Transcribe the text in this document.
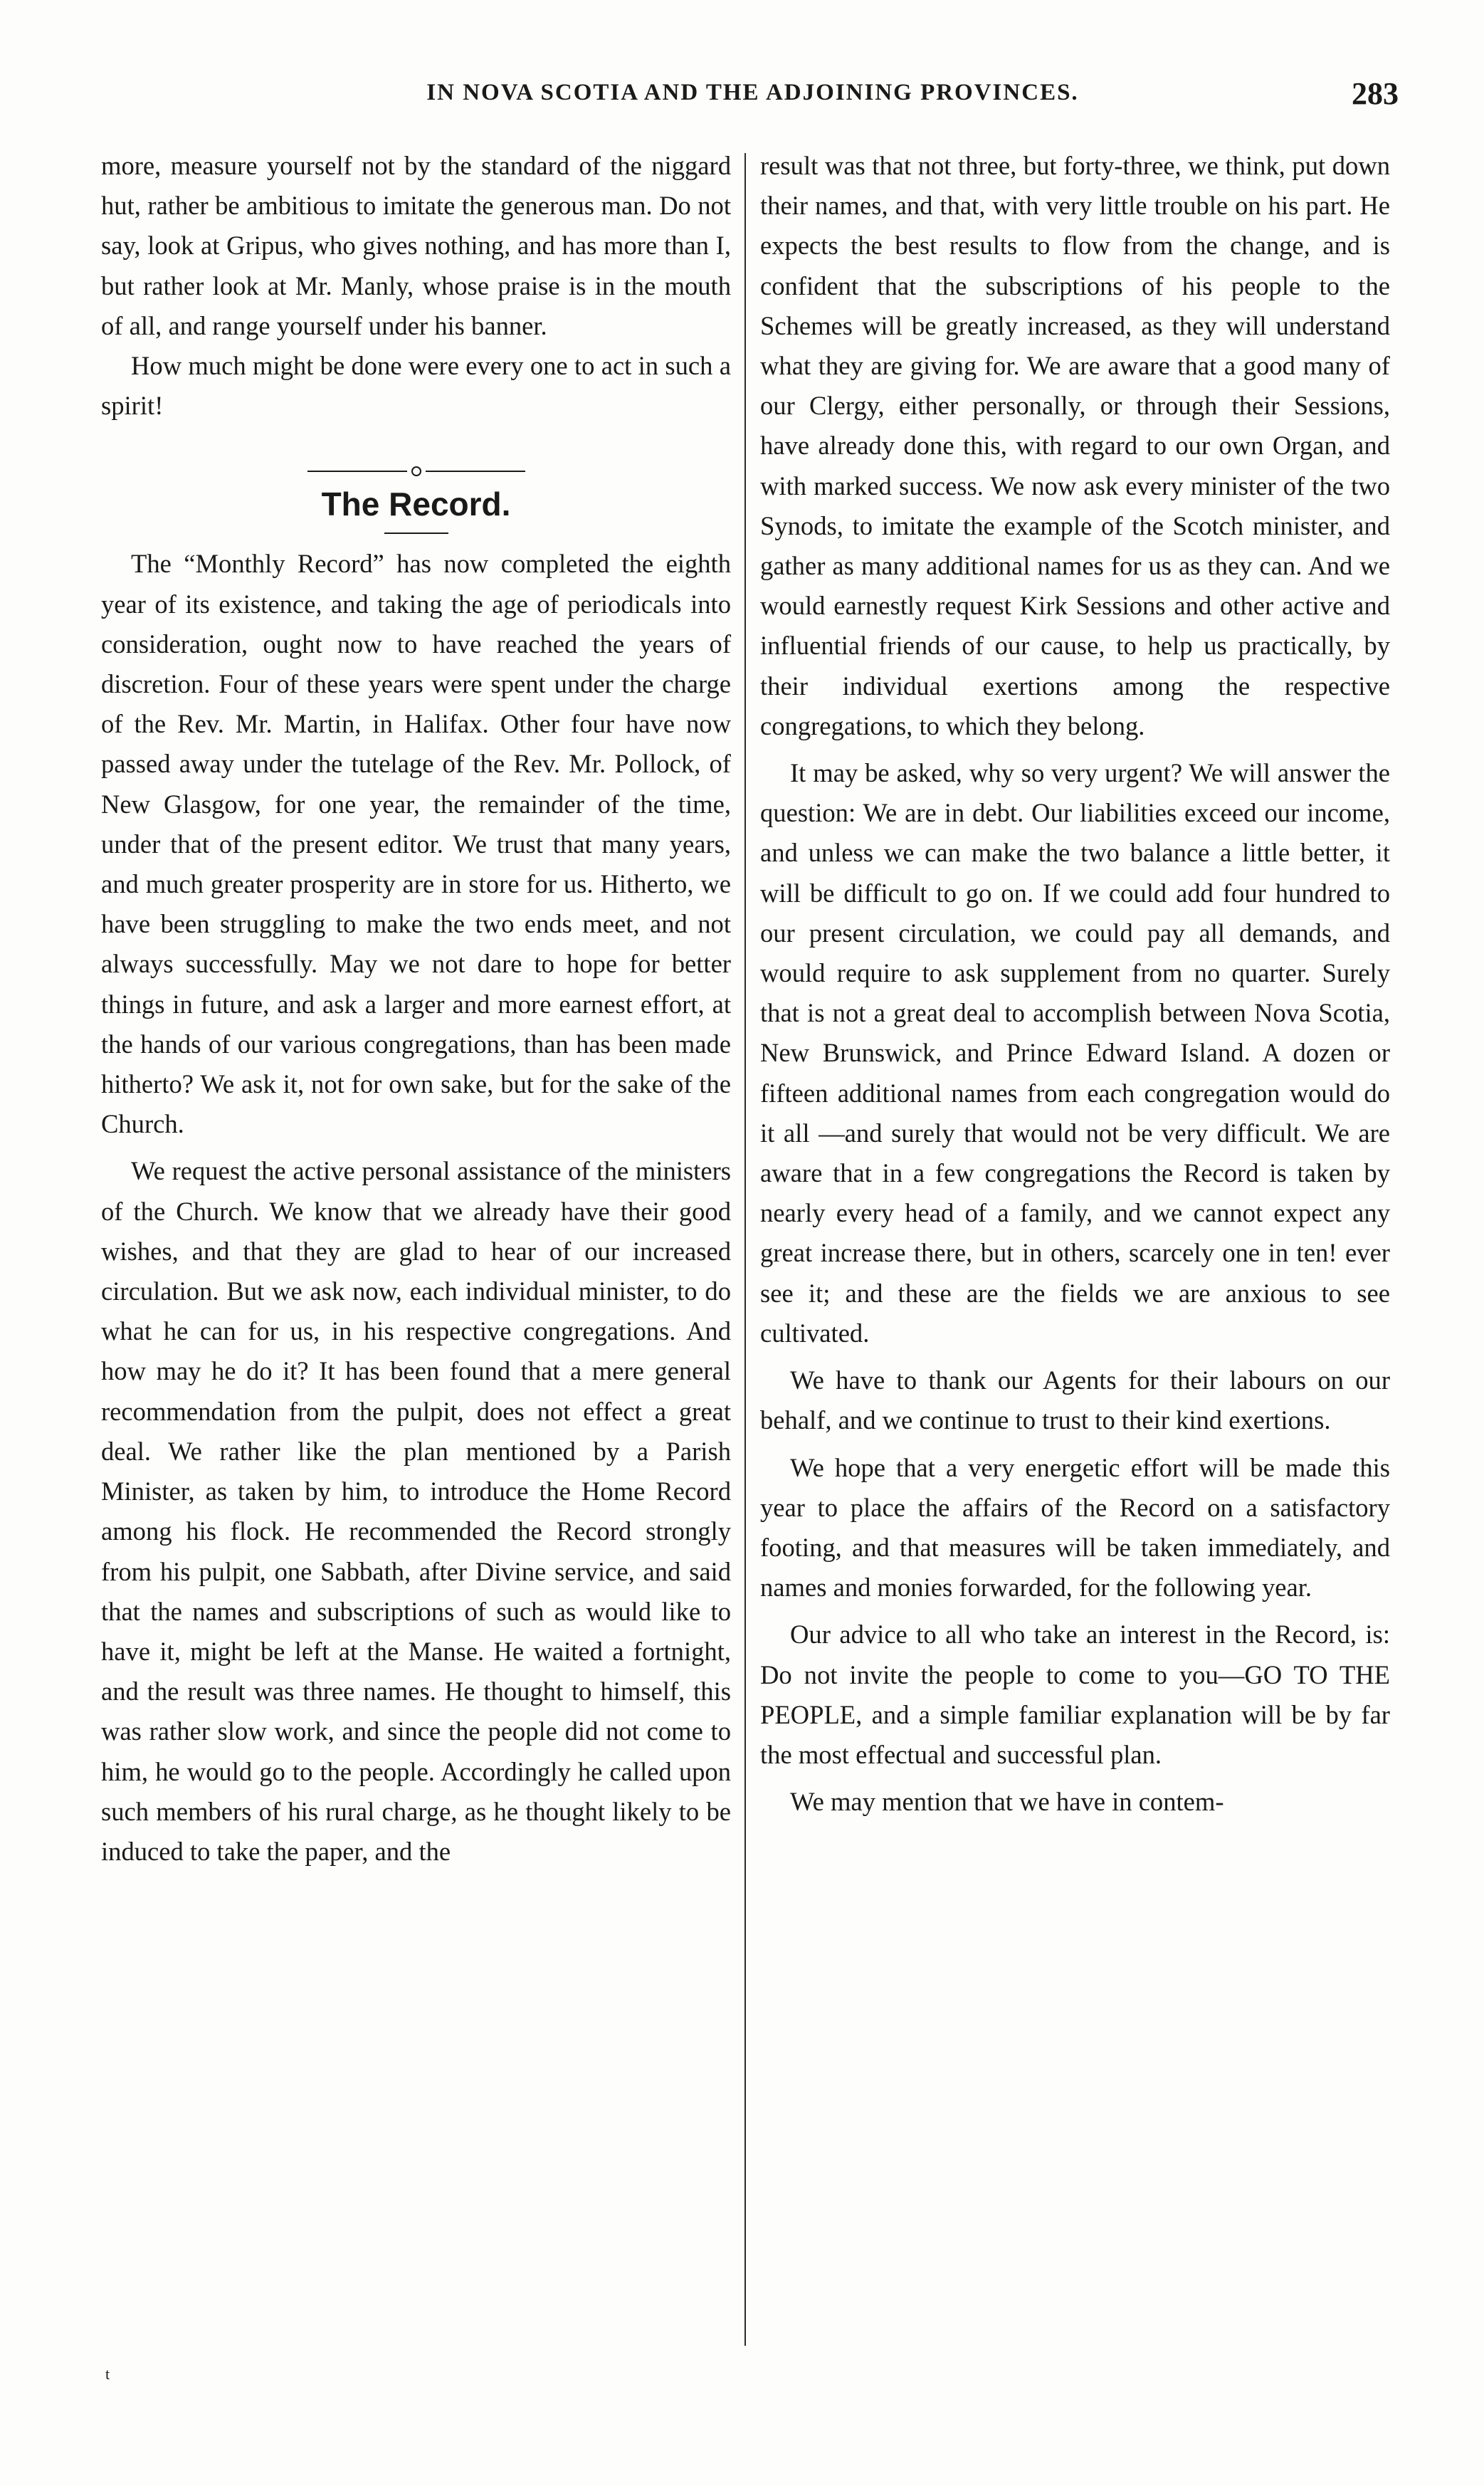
IN NOVA SCOTIA AND THE ADJOINING PROVINCES.	283

more, measure yourself not by the standard of the niggard hut, rather be ambitious to imitate the generous man. Do not say, look at Gripus, who gives nothing, and has more than I, but rather look at Mr. Manly, whose praise is in the mouth of all, and range yourself under his banner.

How much might be done were every one to act in such a spirit!

The Record.

The “Monthly Record” has now completed the eighth year of its existence, and taking the age of periodicals into consideration, ought now to have reached the years of discretion. Four of these years were spent under the charge of the Rev. Mr. Martin, in Halifax. Other four have now passed away under the tutelage of the Rev. Mr. Pollock, of New Glasgow, for one year, the remainder of the time, under that of the present editor. We trust that many years, and much greater prosperity are in store for us. Hitherto, we have been struggling to make the two ends meet, and not always successfully. May we not dare to hope for better things in future, and ask a larger and more earnest effort, at the hands of our various congregations, than has been made hitherto? We ask it, not for own sake, but for the sake of the Church.

We request the active personal assistance of the ministers of the Church. We know that we already have their good wishes, and that they are glad to hear of our increased circulation. But we ask now, each individual minister, to do what he can for us, in his respective congregations. And how may he do it? It has been found that a mere general recommendation from the pulpit, does not effect a great deal. We rather like the plan mentioned by a Parish Minister, as taken by him, to introduce the Home Record among his flock. He recommended the Record strongly from his pulpit, one Sabbath, after Divine service, and said that the names and subscriptions of such as would like to have it, might be left at the Manse. He waited a fortnight, and the result was three names. He thought to himself, this was rather slow work, and since the people did not come to him, he would go to the people. Accordingly he called upon such members of his rural charge, as he thought likely to be induced to take the paper, and the

result was that not three, but forty-three, we think, put down their names, and that, with very little trouble on his part. He expects the best results to flow from the change, and is confident that the subscriptions of his people to the Schemes will be greatly increased, as they will understand what they are giving for. We are aware that a good many of our Clergy, either personally, or through their Sessions, have already done this, with regard to our own Organ, and with marked success. We now ask every minister of the two Synods, to imitate the example of the Scotch minister, and gather as many additional names for us as they can. And we would earnestly request Kirk Sessions and other active and influential friends of our cause, to help us practically, by their individual exertions among the respective congregations, to which they belong.

It may be asked, why so very urgent? We will answer the question: We are in debt. Our liabilities exceed our income, and unless we can make the two balance a little better, it will be difficult to go on. If we could add four hundred to our present circulation, we could pay all demands, and would require to ask supplement from no quarter. Surely that is not a great deal to accomplish between Nova Scotia, New Brunswick, and Prince Edward Island. A dozen or fifteen additional names from each congregation would do it all —and surely that would not be very difficult. We are aware that in a few congregations the Record is taken by nearly every head of a family, and we cannot expect any great increase there, but in others, scarcely one in ten! ever see it; and these are the fields we are anxious to see cultivated.

We have to thank our Agents for their labours on our behalf, and we continue to trust to their kind exertions.

We hope that a very energetic effort will be made this year to place the affairs of the Record on a satisfactory footing, and that measures will be taken immediately, and names and monies forwarded, for the following year.

Our advice to all who take an interest in the Record, is: Do not invite the people to come to you—GO TO THE PEOPLE, and a simple familiar explanation will be by far the most effectual and successful plan.

We may mention that we have in contem-

t
